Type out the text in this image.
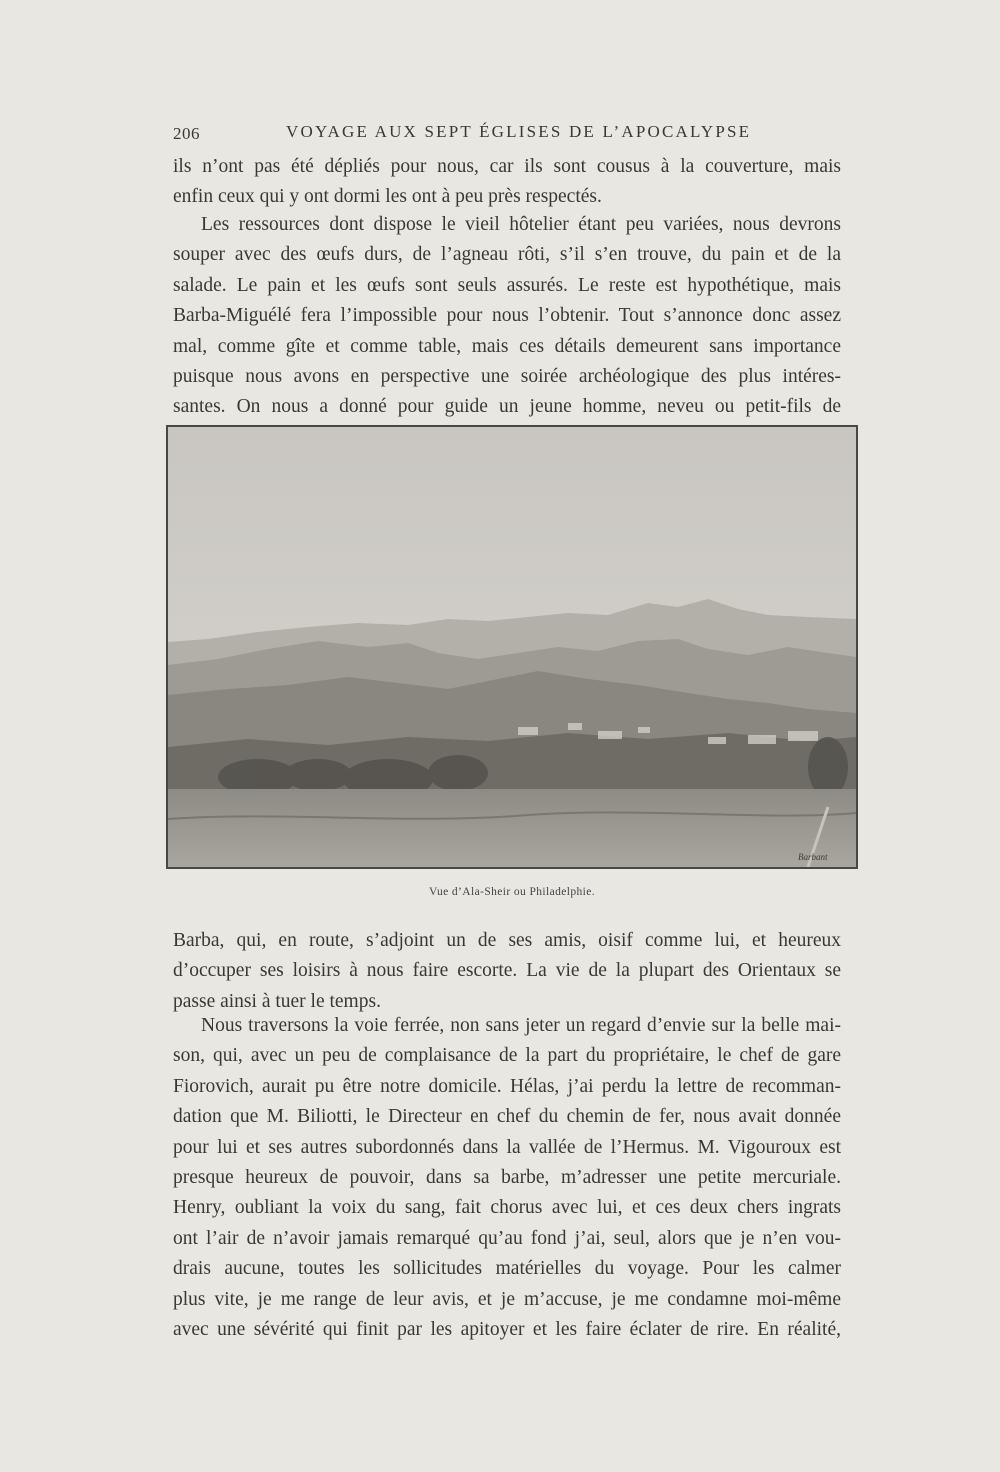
206	VOYAGE AUX SEPT ÉGLISES DE L’APOCALYPSE

ils n’ont pas été dépliés pour nous, car ils sont cousus à la couverture, mais
enfin ceux qui y ont dormi les ont à peu près respectés.

Les ressources dont dispose le vieil hôtelier étant peu variées, nous devrons
souper avec des œufs durs, de l’agneau rôti, s’il s’en trouve, du pain et de la
salade. Le pain et les œufs sont seuls assurés. Le reste est hypothétique, mais
Barba-Miguélé fera l’impossible pour nous l’obtenir. Tout s’annonce donc assez
mal, comme gîte et comme table, mais ces détails demeurent sans importance
puisque nous avons en perspective une soirée archéologique des plus intéres-
santes. On nous a donné pour guide un jeune homme, neveu ou petit-fils de

Barbant
Vue d’Ala-Sheir ou Philadelphie.

Barba, qui, en route, s’adjoint un de ses amis, oisif comme lui, et heureux
d’occuper ses loisirs à nous faire escorte. La vie de la plupart des Orientaux se
passe ainsi à tuer le temps.

Nous traversons la voie ferrée, non sans jeter un regard d’envie sur la belle mai-
son, qui, avec un peu de complaisance de la part du propriétaire, le chef de gare
Fiorovich, aurait pu être notre domicile. Hélas, j’ai perdu la lettre de recomman-
dation que M. Biliotti, le Directeur en chef du chemin de fer, nous avait donnée
pour lui et ses autres subordonnés dans la vallée de l’Hermus. M. Vigouroux est
presque heureux de pouvoir, dans sa barbe, m’adresser une petite mercuriale.
Henry, oubliant la voix du sang, fait chorus avec lui, et ces deux chers ingrats
ont l’air de n’avoir jamais remarqué qu’au fond j’ai, seul, alors que je n’en vou-
drais aucune, toutes les sollicitudes matérielles du voyage. Pour les calmer
plus vite, je me range de leur avis, et je m’accuse, je me condamne moi-même
avec une sévérité qui finit par les apitoyer et les faire éclater de rire. En réalité,
